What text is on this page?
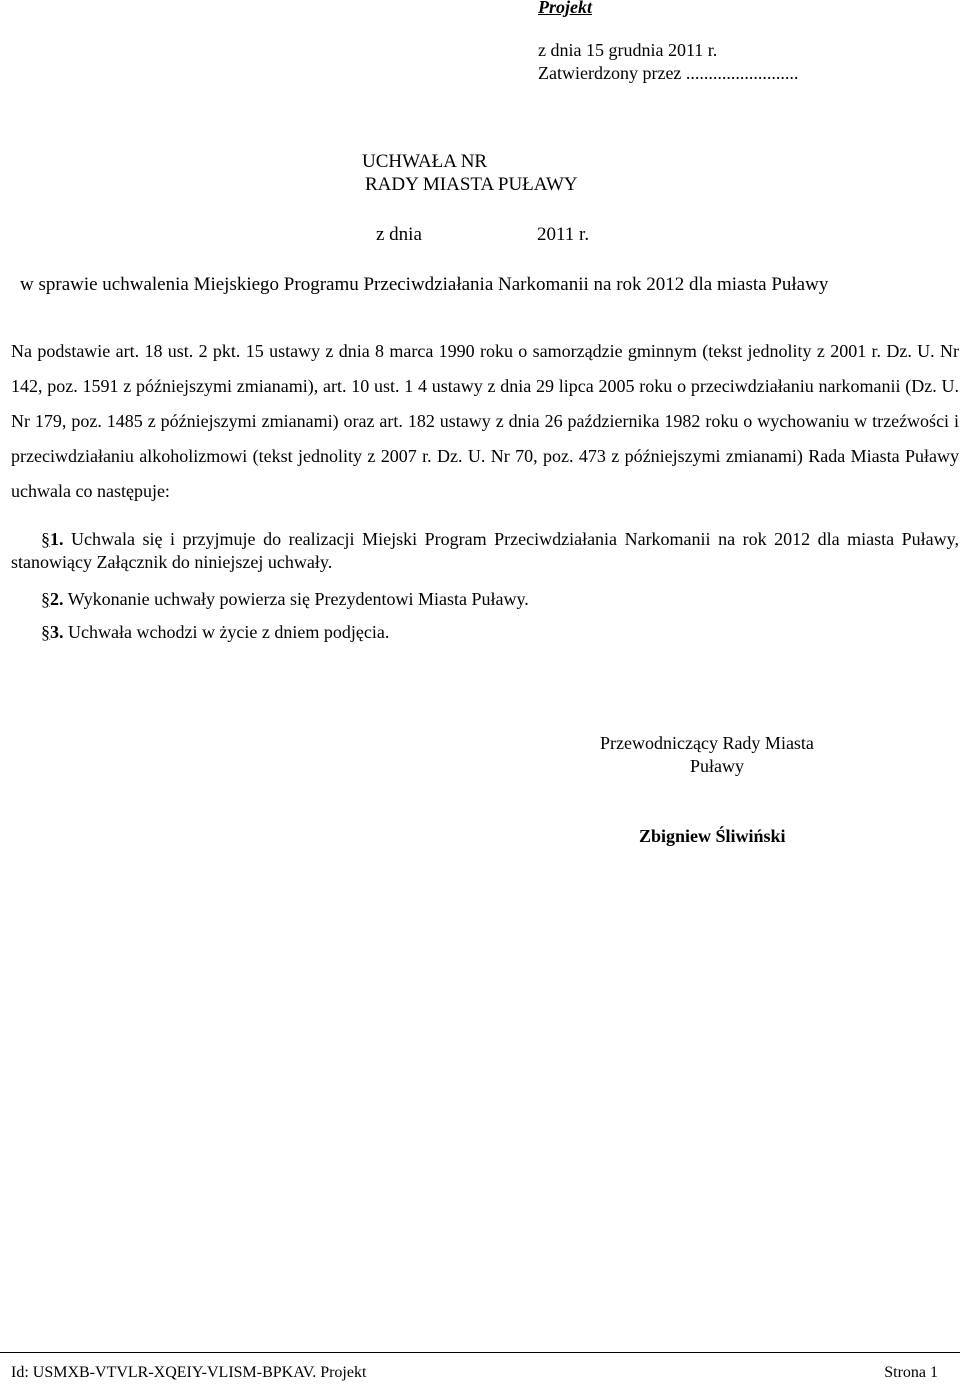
Projekt
z dnia 15 grudnia 2011 r.
Zatwierdzony przez .........................
UCHWAŁA NR
RADY MIASTA PUŁAWY
z dnia	2011 r.
w sprawie uchwalenia Miejskiego Programu Przeciwdziałania Narkomanii na rok 2012 dla miasta Puławy
Na podstawie art. 18 ust. 2 pkt. 15 ustawy z dnia 8 marca 1990 roku o samorządzie gminnym (tekst jednolity z 2001 r. Dz. U. Nr 142, poz. 1591 z późniejszymi zmianami), art. 10 ust. 1 4 ustawy z dnia 29 lipca 2005 roku o przeciwdziałaniu narkomanii (Dz. U. Nr 179, poz. 1485 z późniejszymi zmianami) oraz art. 182 ustawy z dnia 26 października 1982 roku o wychowaniu w trzeźwości i przeciwdziałaniu alkoholizmowi (tekst jednolity z 2007 r. Dz. U. Nr 70, poz. 473 z późniejszymi zmianami) Rada Miasta Puławy uchwala co następuje:
§1. Uchwala się i przyjmuje do realizacji Miejski Program Przeciwdziałania Narkomanii na rok 2012 dla miasta Puławy, stanowiący Załącznik do niniejszej uchwały.
§2. Wykonanie uchwały powierza się Prezydentowi Miasta Puławy.
§3. Uchwała wchodzi w życie z dniem podjęcia.
Przewodniczący Rady Miasta
Puławy
Zbigniew Śliwiński
Id: USMXB-VTVLR-XQEIY-VLISM-BPKAV. Projekt	Strona 1
